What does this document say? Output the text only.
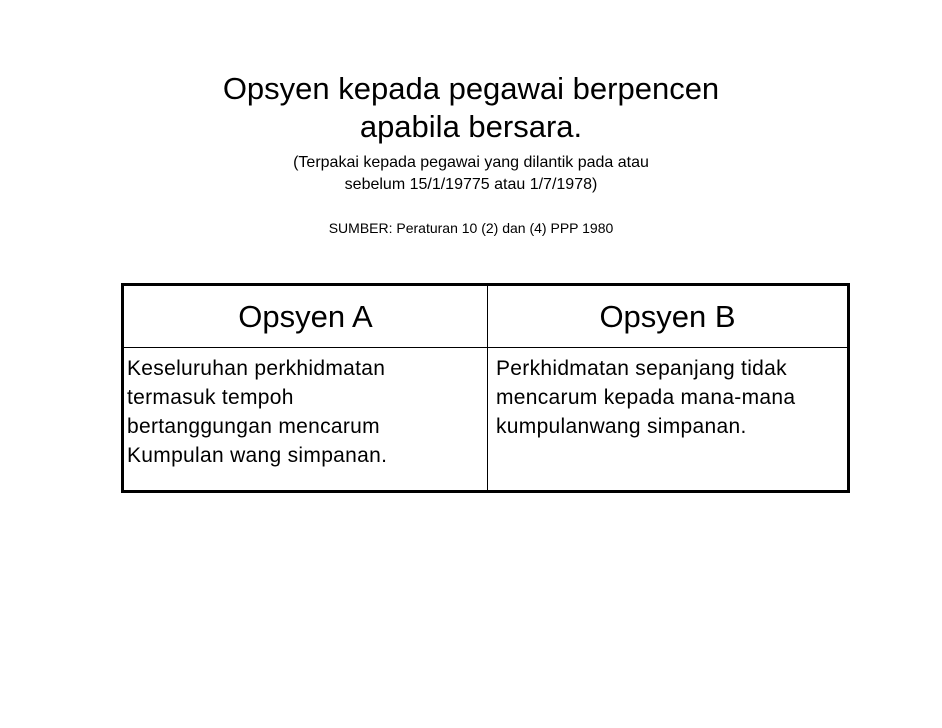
Opsyen kepada pegawai berpencen
apabila bersara.
(Terpakai kepada pegawai yang dilantik pada atau
sebelum 15/1/19775 atau 1/7/1978)
SUMBER: Peraturan 10 (2) dan (4) PPP 1980
Opsyen A	Opsyen B
Keseluruhan perkhidmatan
termasuk tempoh
bertanggungan mencarum
Kumpulan wang simpanan.
Perkhidmatan sepanjang tidak
mencarum kepada mana-mana
kumpulanwang simpanan.
